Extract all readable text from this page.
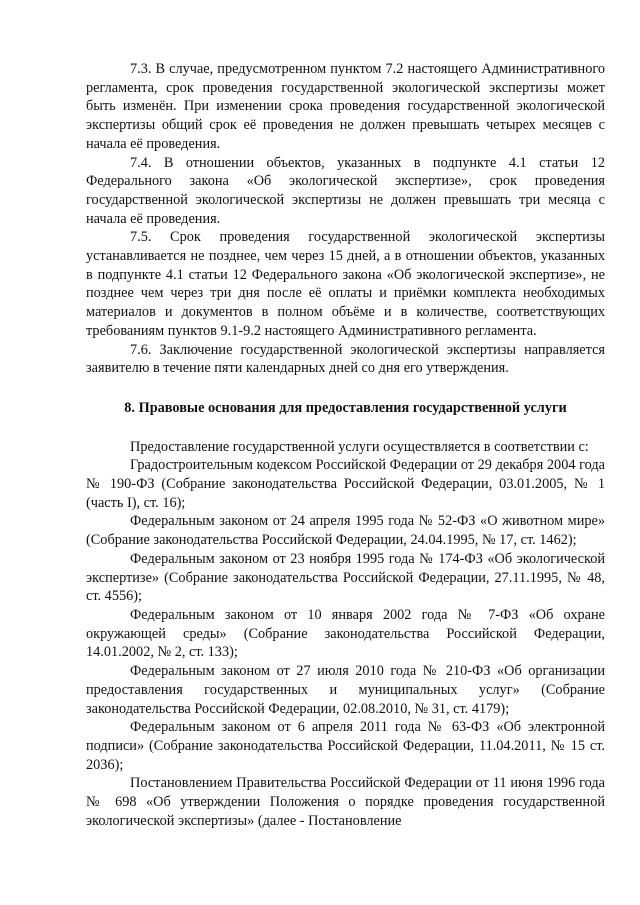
7.3. В случае, предусмотренном пунктом 7.2 настоящего Административного регламента, срок проведения государственной экологической экспертизы может быть изменён. При изменении срока проведения государственной экологической экспертизы общий срок её проведения не должен превышать четырех месяцев с начала её проведения.

7.4. В отношении объектов, указанных в подпункте 4.1 статьи 12 Федерального закона «Об экологической экспертизе», срок проведения государственной экологической экспертизы не должен превышать три месяца с начала её проведения.

7.5. Срок проведения государственной экологической экспертизы устанавливается не позднее, чем через 15 дней, а в отношении объектов, указанных в подпункте 4.1 статьи 12 Федерального закона «Об экологической экспертизе», не позднее чем через три дня после её оплаты и приёмки комплекта необходимых материалов и документов в полном объёме и в количестве, соответствующих требованиям пунктов 9.1-9.2 настоящего Административного регламента.

7.6. Заключение государственной экологической экспертизы направляется заявителю в течение пяти календарных дней со дня его утверждения.

8. Правовые основания для предоставления государственной услуги

Предоставление государственной услуги осуществляется в соответствии с:

Градостроительным кодексом Российской Федерации от 29 декабря 2004 года № 190-ФЗ (Собрание законодательства Российской Федерации, 03.01.2005, № 1 (часть I), ст. 16);

Федеральным законом от 24 апреля 1995 года № 52-ФЗ «О животном мире» (Собрание законодательства Российской Федерации, 24.04.1995, № 17, ст. 1462);

Федеральным законом от 23 ноября 1995 года № 174-ФЗ «Об экологической экспертизе» (Собрание законодательства Российской Федерации, 27.11.1995, № 48, ст. 4556);

Федеральным законом от 10 января 2002 года № 7-ФЗ «Об охране окружающей среды» (Собрание законодательства Российской Федерации, 14.01.2002, № 2, ст. 133);

Федеральным законом от 27 июля 2010 года № 210-ФЗ «Об организации предоставления государственных и муниципальных услуг» (Собрание законодательства Российской Федерации, 02.08.2010, № 31, ст. 4179);

Федеральным законом от 6 апреля 2011 года № 63-ФЗ «Об электронной подписи» (Собрание законодательства Российской Федерации, 11.04.2011, № 15 ст. 2036);

Постановлением Правительства Российской Федерации от 11 июня 1996 года № 698 «Об утверждении Положения о порядке проведения государственной экологической экспертизы» (далее - Постановление
